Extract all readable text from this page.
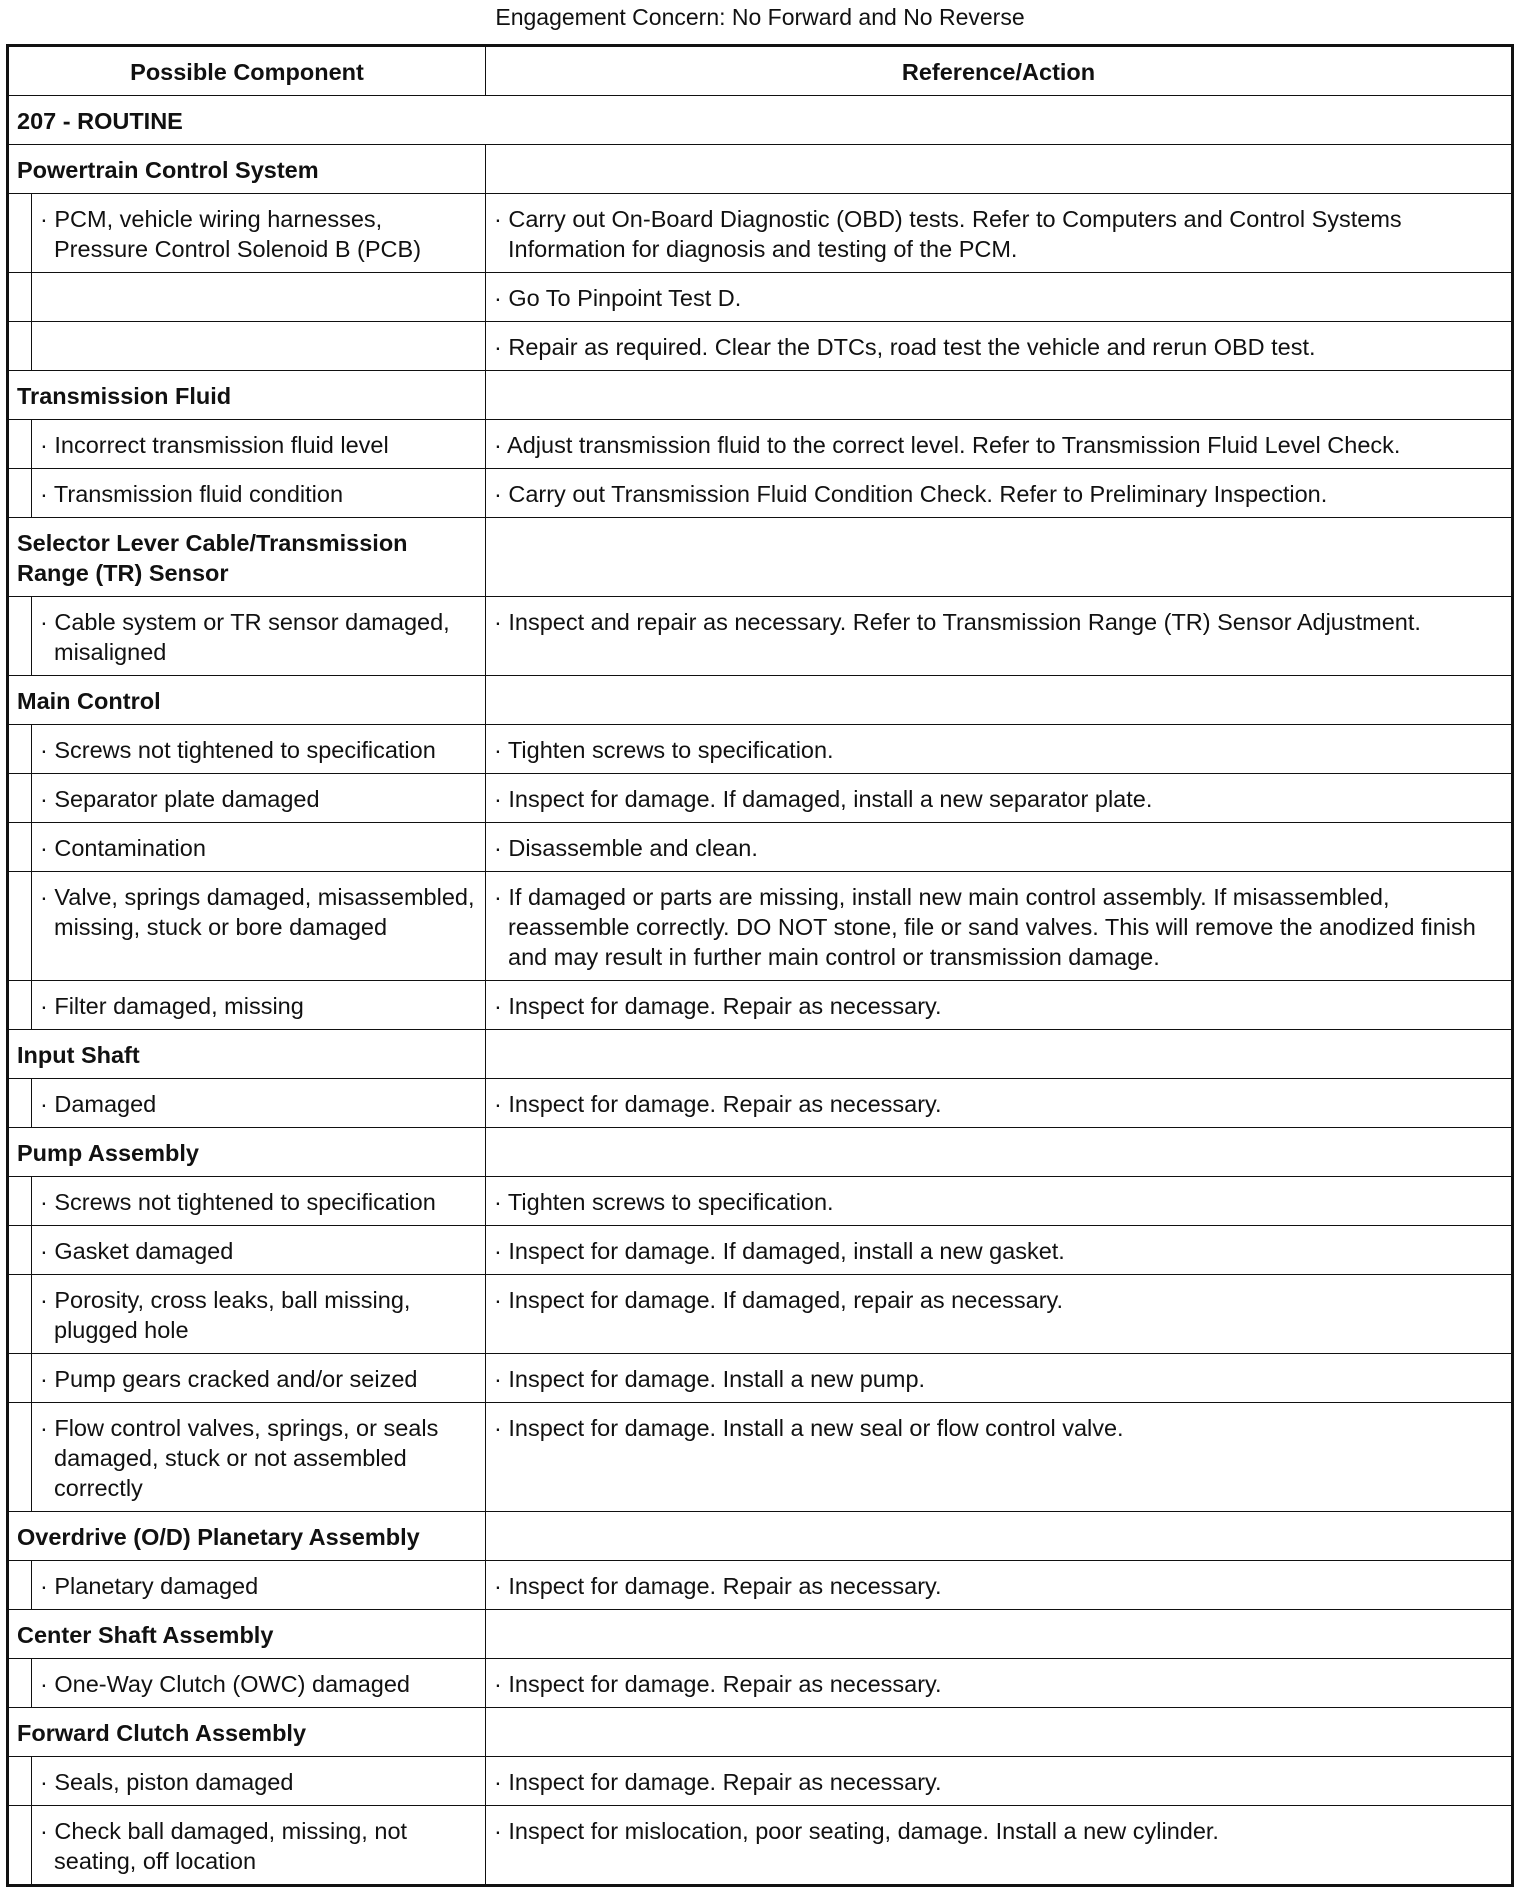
Engagement Concern: No Forward and No Reverse
Possible Component		Reference/Action
207 - ROUTINE		
Powertrain Control System		

	· PCM, vehicle wiring harnesses, Pressure Control Solenoid B (PCB)	· Carry out On-Board Diagnostic (OBD) tests. Refer to Computers and Control Systems Information for diagnosis and testing of the PCM.

		· Go To Pinpoint Test D.

		· Repair as required. Clear the DTCs, road test the vehicle and rerun OBD test.

Transmission Fluid		

	· Incorrect transmission fluid level	· Adjust transmission fluid to the correct level. Refer to Transmission Fluid Level Check.

	· Transmission fluid condition	· Carry out Transmission Fluid Condition Check. Refer to Preliminary Inspection.

Selector Lever Cable/Transmission Range (TR) Sensor		

	· Cable system or TR sensor damaged, misaligned	· Inspect and repair as necessary. Refer to Transmission Range (TR) Sensor Adjustment.

Main Control		

	· Screws not tightened to specification	· Tighten screws to specification.

	· Separator plate damaged	· Inspect for damage. If damaged, install a new separator plate.

	· Contamination	· Disassemble and clean.

	· Valve, springs damaged, misassembled, missing, stuck or bore damaged	· If damaged or parts are missing, install new main control assembly. If misassembled, reassemble correctly. DO NOT stone, file or sand valves. This will remove the anodized finish and may result in further main control or transmission damage.

	· Filter damaged, missing	· Inspect for damage. Repair as necessary.

Input Shaft		

	· Damaged	· Inspect for damage. Repair as necessary.

Pump Assembly		

	· Screws not tightened to specification	· Tighten screws to specification.

	· Gasket damaged	· Inspect for damage. If damaged, install a new gasket.

	· Porosity, cross leaks, ball missing, plugged hole	· Inspect for damage. If damaged, repair as necessary.

	· Pump gears cracked and/or seized	· Inspect for damage. Install a new pump.

	· Flow control valves, springs, or seals damaged, stuck or not assembled correctly	· Inspect for damage. Install a new seal or flow control valve.

Overdrive (O/D) Planetary Assembly		

	· Planetary damaged	· Inspect for damage. Repair as necessary.

Center Shaft Assembly		

	· One-Way Clutch (OWC) damaged	· Inspect for damage. Repair as necessary.

Forward Clutch Assembly		

	· Seals, piston damaged	· Inspect for damage. Repair as necessary.

	· Check ball damaged, missing, not seating, off location	· Inspect for mislocation, poor seating, damage. Install a new cylinder.
